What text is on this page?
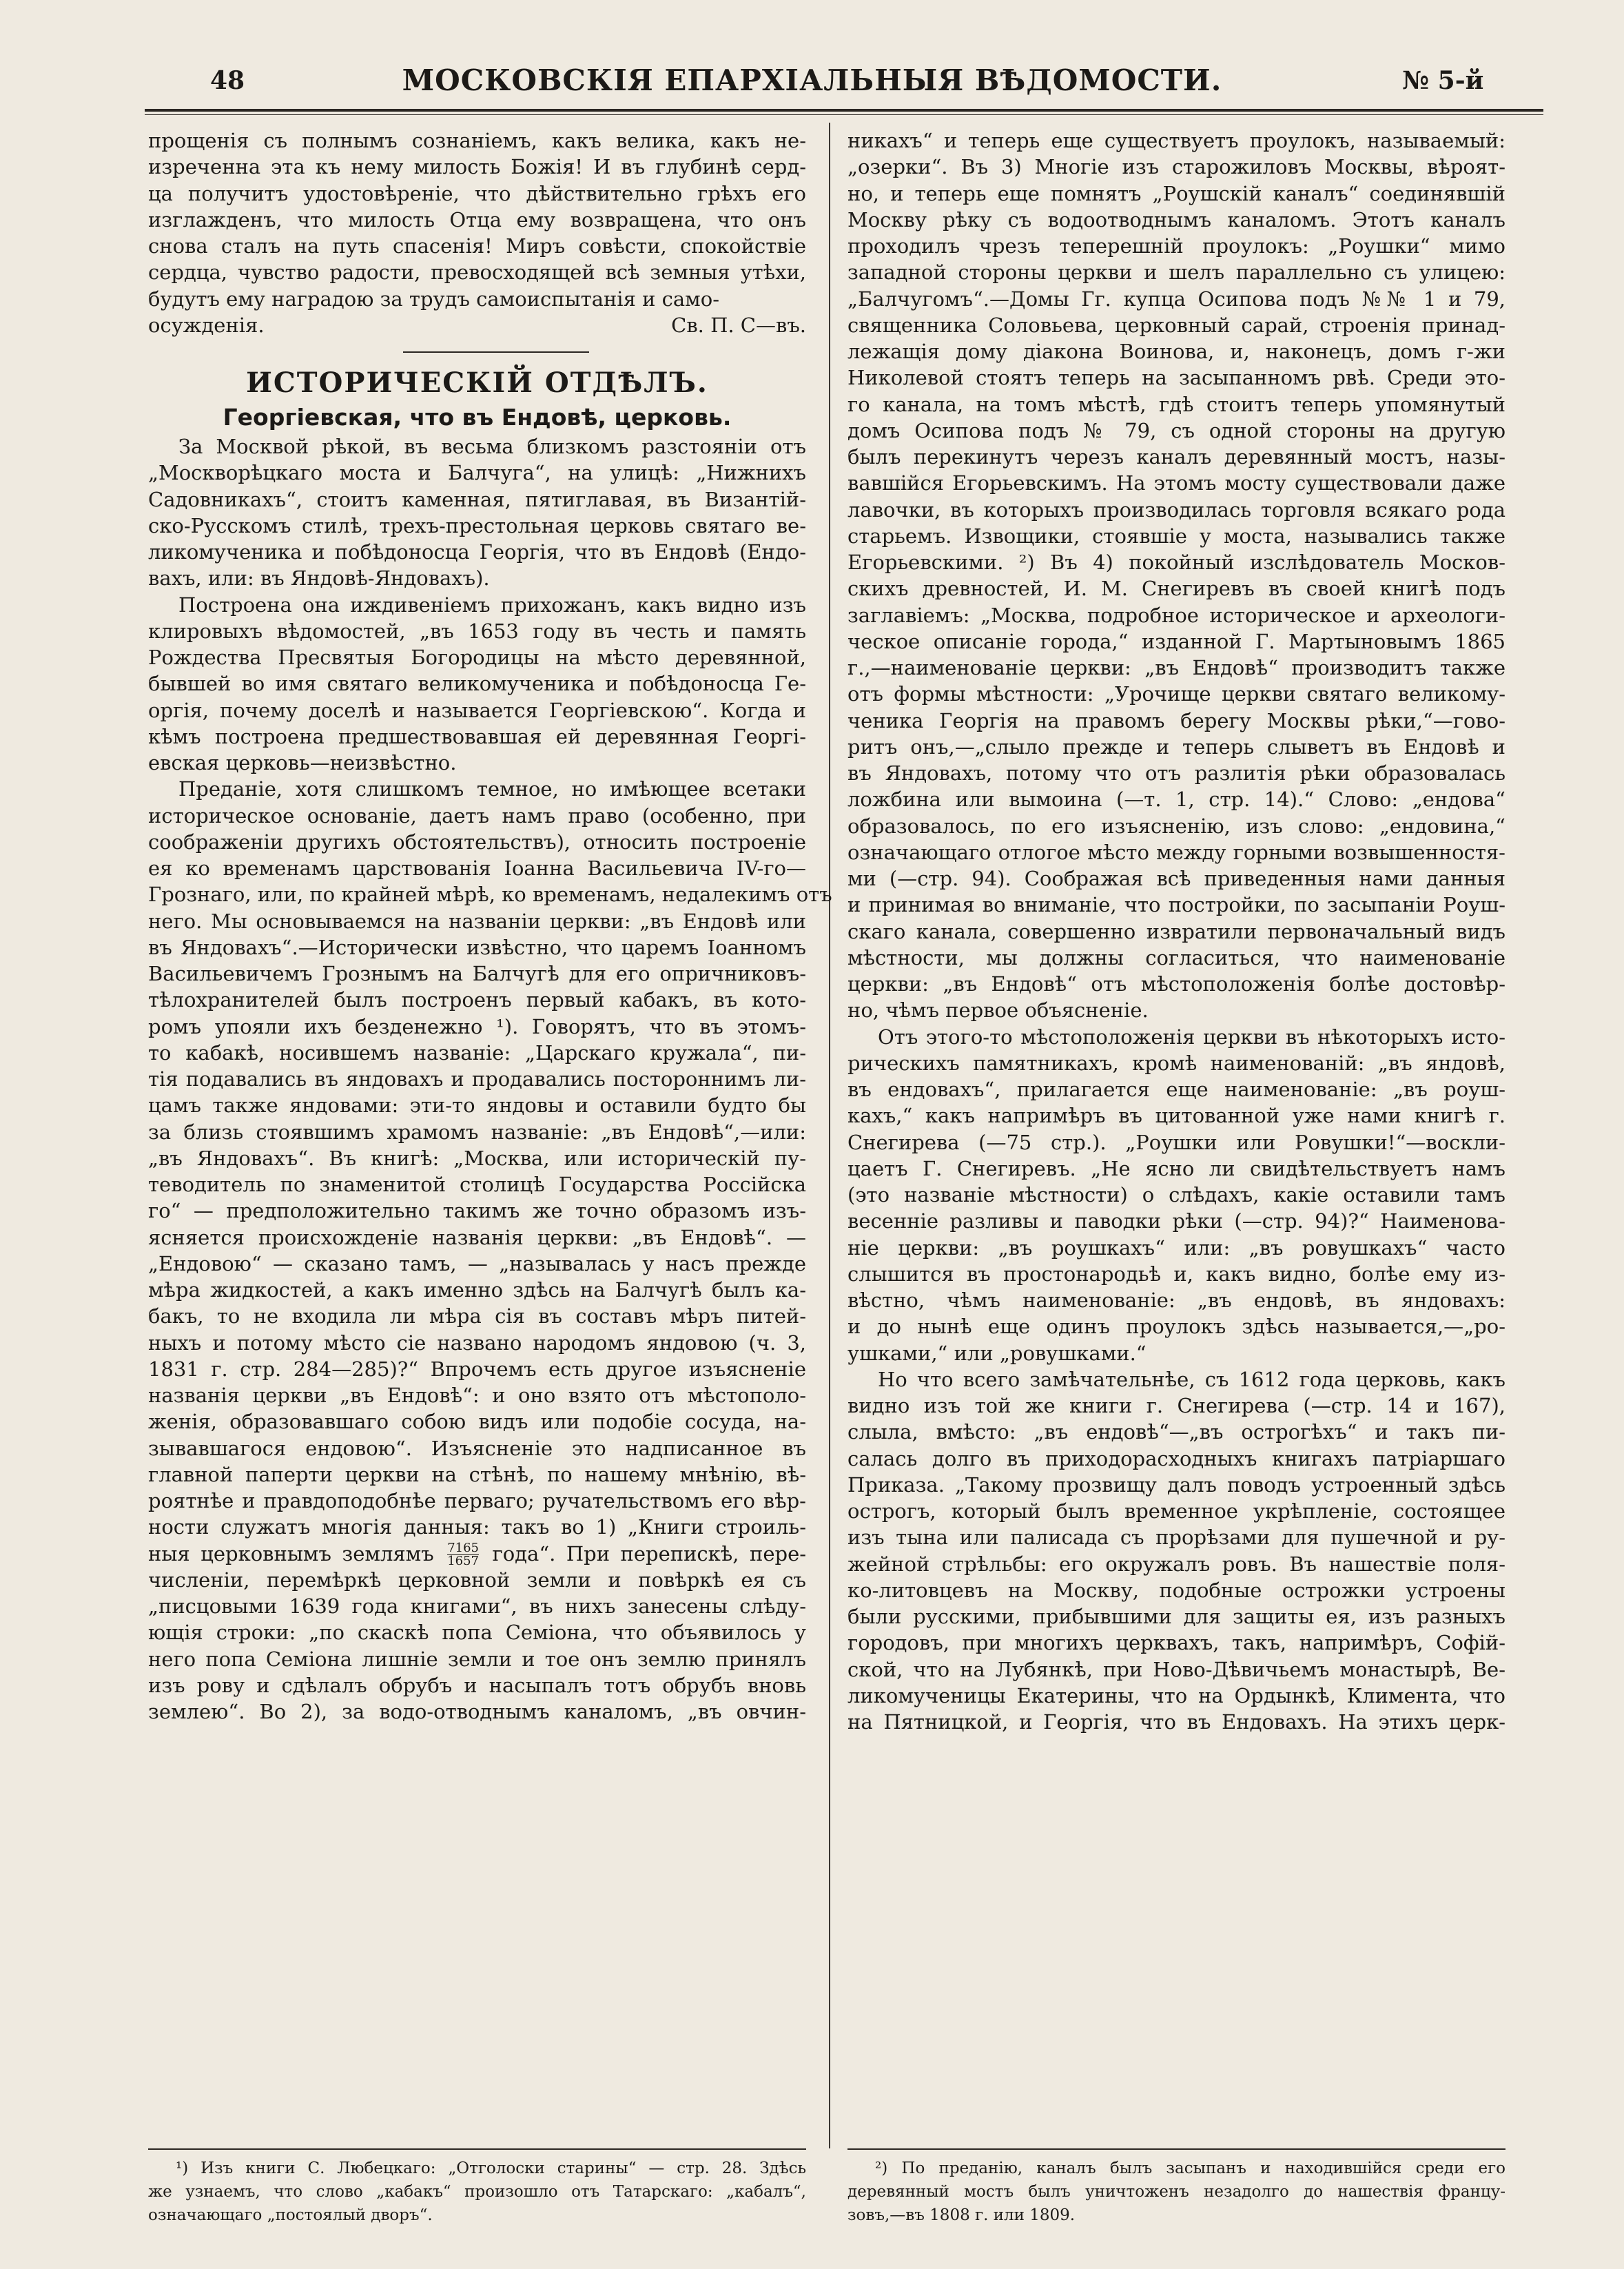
48	МОСКОВСКІЯ ЕПАРХІАЛЬНЫЯ ВѢДОМОСТИ.	№ 5-й
прощенія съ полнымъ сознаніемъ, какъ велика, какъ не-
изреченна эта къ нему милость Божія! И въ глубинѣ серд-
ца получитъ удостовѣреніе, что дѣйствительно грѣхъ его
изглажденъ, что милость Отца ему возвращена, что онъ
снова сталъ на путь спасенія! Миръ совѣсти, спокойствіе
сердца, чувство радости, превосходящей всѣ земныя утѣхи,
будутъ ему наградою за трудъ самоиспытанія и само-
осужденія.	Св. П. С—въ.
ИСТОРИЧЕСКІЙ ОТДѢЛЪ.
Георгіевская, что въ Ендовѣ, церковь.
За Москвой рѣкой, въ весьма близкомъ разстояніи отъ
„Москворѣцкаго моста и Балчуга“, на улицѣ: „Нижнихъ
Садовникахъ“, стоитъ каменная, пятиглавая, въ Византій-
ско-Русскомъ стилѣ, трехъ-престольная церковь святаго ве-
ликомученика и побѣдоносца Георгія, что въ Ендовѣ (Ендо-
вахъ, или: въ Яндовѣ-Яндовахъ).
Построена она иждивеніемъ прихожанъ, какъ видно изъ
клировыхъ вѣдомостей, „въ 1653 году въ честь и память
Рождества Пресвятыя Богородицы на мѣсто деревянной,
бывшей во имя святаго великомученика и побѣдоносца Ге-
оргія, почему доселѣ и называется Георгіевскою“. Когда и
кѣмъ построена предшествовавшая ей деревянная Георгі-
евская церковь—неизвѣстно.
Преданіе, хотя слишкомъ темное, но имѣющее всетаки
историческое основаніе, даетъ намъ право (особенно, при
соображеніи другихъ обстоятельствъ), относить построеніе
ея ко временамъ царствованія Іоанна Васильевича IV-го—
Грознаго, или, по крайней мѣрѣ, ко временамъ, недалекимъ отъ
него. Мы основываемся на названіи церкви: „въ Ендовѣ или
въ Яндовахъ“.—Исторически извѣстно, что царемъ Іоанномъ
Васильевичемъ Грознымъ на Балчугѣ для его опричниковъ-
тѣлохранителей былъ построенъ первый кабакъ, въ кото-
ромъ упояли ихъ безденежно ¹). Говорятъ, что въ этомъ-
то кабакѣ, носившемъ названіе: „Царскаго кружала“, пи-
тія подавались въ яндовахъ и продавались постороннимъ ли-
цамъ также яндовами: эти-то яндовы и оставили будто бы
за близь стоявшимъ храмомъ названіе: „въ Ендовѣ“,—или:
„въ Яндовахъ“. Въ книгѣ: „Москва, или историческій пу-
теводитель по знаменитой столицѣ Государства Россійска
го“ — предположительно такимъ же точно образомъ изъ-
ясняется происхожденіе названія церкви: „въ Ендовѣ“. —
„Ендовою“ — сказано тамъ, — „называлась у насъ прежде
мѣра жидкостей, а какъ именно здѣсь на Балчугѣ былъ ка-
бакъ, то не входила ли мѣра сія въ составъ мѣръ питей-
ныхъ и потому мѣсто сіе названо народомъ яндовою (ч. 3,
1831 г. стр. 284—285)?“ Впрочемъ есть другое изъясненіе
названія церкви „въ Ендовѣ“: и оно взято отъ мѣстополо-
женія, образовавшаго собою видъ или подобіе сосуда, на-
зывавшагося ендовою“. Изъясненіе это надписанное въ
главной паперти церкви на стѣнѣ, по нашему мнѣнію, вѣ-
роятнѣе и правдоподобнѣе перваго; ручательствомъ его вѣр-
ности служатъ многія данныя: такъ во 1) „Книги строиль-
ныя церковнымъ землямъ $\frac{7165}{1657}$ года“. При перепискѣ, пере-
численіи, перемѣркѣ церковной земли и повѣркѣ ея съ
„писцовыми 1639 года книгами“, въ нихъ занесены слѣду-
ющія строки: „по скаскѣ попа Семіона, что объявилось у
него попа Семіона лишніе земли и тое онъ землю принялъ
изъ рову и сдѣлалъ обрубъ и насыпалъ тотъ обрубъ вновь
землею“. Во 2), за водо-отводнымъ каналомъ, „въ овчин-
никахъ“ и теперь еще существуетъ проулокъ, называемый:
„озерки“. Въ 3) Многіе изъ старожиловъ Москвы, вѣроят-
но, и теперь еще помнятъ „Роушскій каналъ“ соединявшій
Москву рѣку съ водоотводнымъ каналомъ. Этотъ каналъ
проходилъ чрезъ теперешній проулокъ: „Роушки“ мимо
западной стороны церкви и шелъ параллельно съ улицею:
„Балчугомъ“.—Домы Гг. купца Осипова подъ №№ 1 и 79,
священника Соловьева, церковный сарай, строенія принад-
лежащія дому діакона Воинова, и, наконецъ, домъ г-жи
Николевой стоятъ теперь на засыпанномъ рвѣ. Среди это-
го канала, на томъ мѣстѣ, гдѣ стоитъ теперь упомянутый
домъ Осипова подъ № 79, съ одной стороны на другую
былъ перекинутъ черезъ каналъ деревянный мостъ, назы-
вавшійся Егорьевскимъ. На этомъ мосту существовали даже
лавочки, въ которыхъ производилась торговля всякаго рода
старьемъ. Извощики, стоявшіе у моста, назывались также
Егорьевскими. ²) Въ 4) покойный изслѣдователь Москов-
скихъ древностей, И. М. Снегиревъ въ своей книгѣ подъ
заглавіемъ: „Москва, подробное историческое и археологи-
ческое описаніе города,“ изданной Г. Мартыновымъ 1865
г.,—наименованіе церкви: „въ Ендовѣ“ производитъ также
отъ формы мѣстности: „Урочище церкви святаго великому-
ченика Георгія на правомъ берегу Москвы рѣки,“—гово-
ритъ онъ,—„слыло прежде и теперь слыветъ въ Ендовѣ и
въ Яндовахъ, потому что отъ разлитія рѣки образовалась
ложбина или вымоина (—т. 1, стр. 14).“ Слово: „ендова“
образовалось, по его изъясненію, изъ слово: „ендовина,“
означающаго отлогое мѣсто между горными возвышенностя-
ми (—стр. 94). Соображая всѣ приведенныя нами данныя
и принимая во вниманіе, что постройки, по засыпаніи Роуш-
скаго канала, совершенно извратили первоначальный видъ
мѣстности, мы должны согласиться, что наименованіе
церкви: „въ Ендовѣ“ отъ мѣстоположенія болѣе достовѣр-
но, чѣмъ первое объясненіе.
Отъ этого-то мѣстоположенія церкви въ нѣкоторыхъ исто-
рическихъ памятникахъ, кромѣ наименованій: „въ яндовѣ,
въ ендовахъ“, прилагается еще наименованіе: „въ роуш-
кахъ,“ какъ напримѣръ въ цитованной уже нами книгѣ г.
Снегирева (—75 стр.). „Роушки или Ровушки!“—воскли-
цаетъ Г. Снегиревъ. „Не ясно ли свидѣтельствуетъ намъ
(это названіе мѣстности) о слѣдахъ, какіе оставили тамъ
весенніе разливы и паводки рѣки (—стр. 94)?“ Наименова-
ніе церкви: „въ роушкахъ“ или: „въ ровушкахъ“ часто
слышится въ простонародьѣ и, какъ видно, болѣе ему из-
вѣстно, чѣмъ наименованіе: „въ ендовѣ, въ яндовахъ:
и до нынѣ еще одинъ проулокъ здѣсь называется,—„ро-
ушками,“ или „ровушками.“
Но что всего замѣчательнѣе, съ 1612 года церковь, какъ
видно изъ той же книги г. Снегирева (—стр. 14 и 167),
слыла, вмѣсто: „въ ендовѣ“—„въ острогѣхъ“ и такъ пи-
салась долго въ приходорасходныхъ книгахъ патріаршаго
Приказа. „Такому прозвищу далъ поводъ устроенный здѣсь
острогъ, который былъ временное укрѣпленіе, состоящее
изъ тына или палисада съ прорѣзами для пушечной и ру-
жейной стрѣльбы: его окружалъ ровъ. Въ нашествіе поля-
ко-литовцевъ на Москву, подобные острожки устроены
были русскими, прибывшими для защиты ея, изъ разныхъ
городовъ, при многихъ церквахъ, такъ, напримѣръ, Софій-
ской, что на Лубянкѣ, при Ново-Дѣвичьемъ монастырѣ, Ве-
ликомученицы Екатерины, что на Ордынкѣ, Климента, что
на Пятницкой, и Георгія, что въ Ендовахъ. На этихъ церк-
¹) Изъ книги С. Любецкаго: „Отголоски старины“ — стр. 28. Здѣсь
же узнаемъ, что слово „кабакъ“ произошло отъ Татарскаго: „кабалъ“,
означающаго „постоялый дворъ“.
²) По преданію, каналъ былъ засыпанъ и находившійся среди его
деревянный мостъ былъ уничтоженъ незадолго до нашествія францу-
зовъ,—въ 1808 г. или 1809.
